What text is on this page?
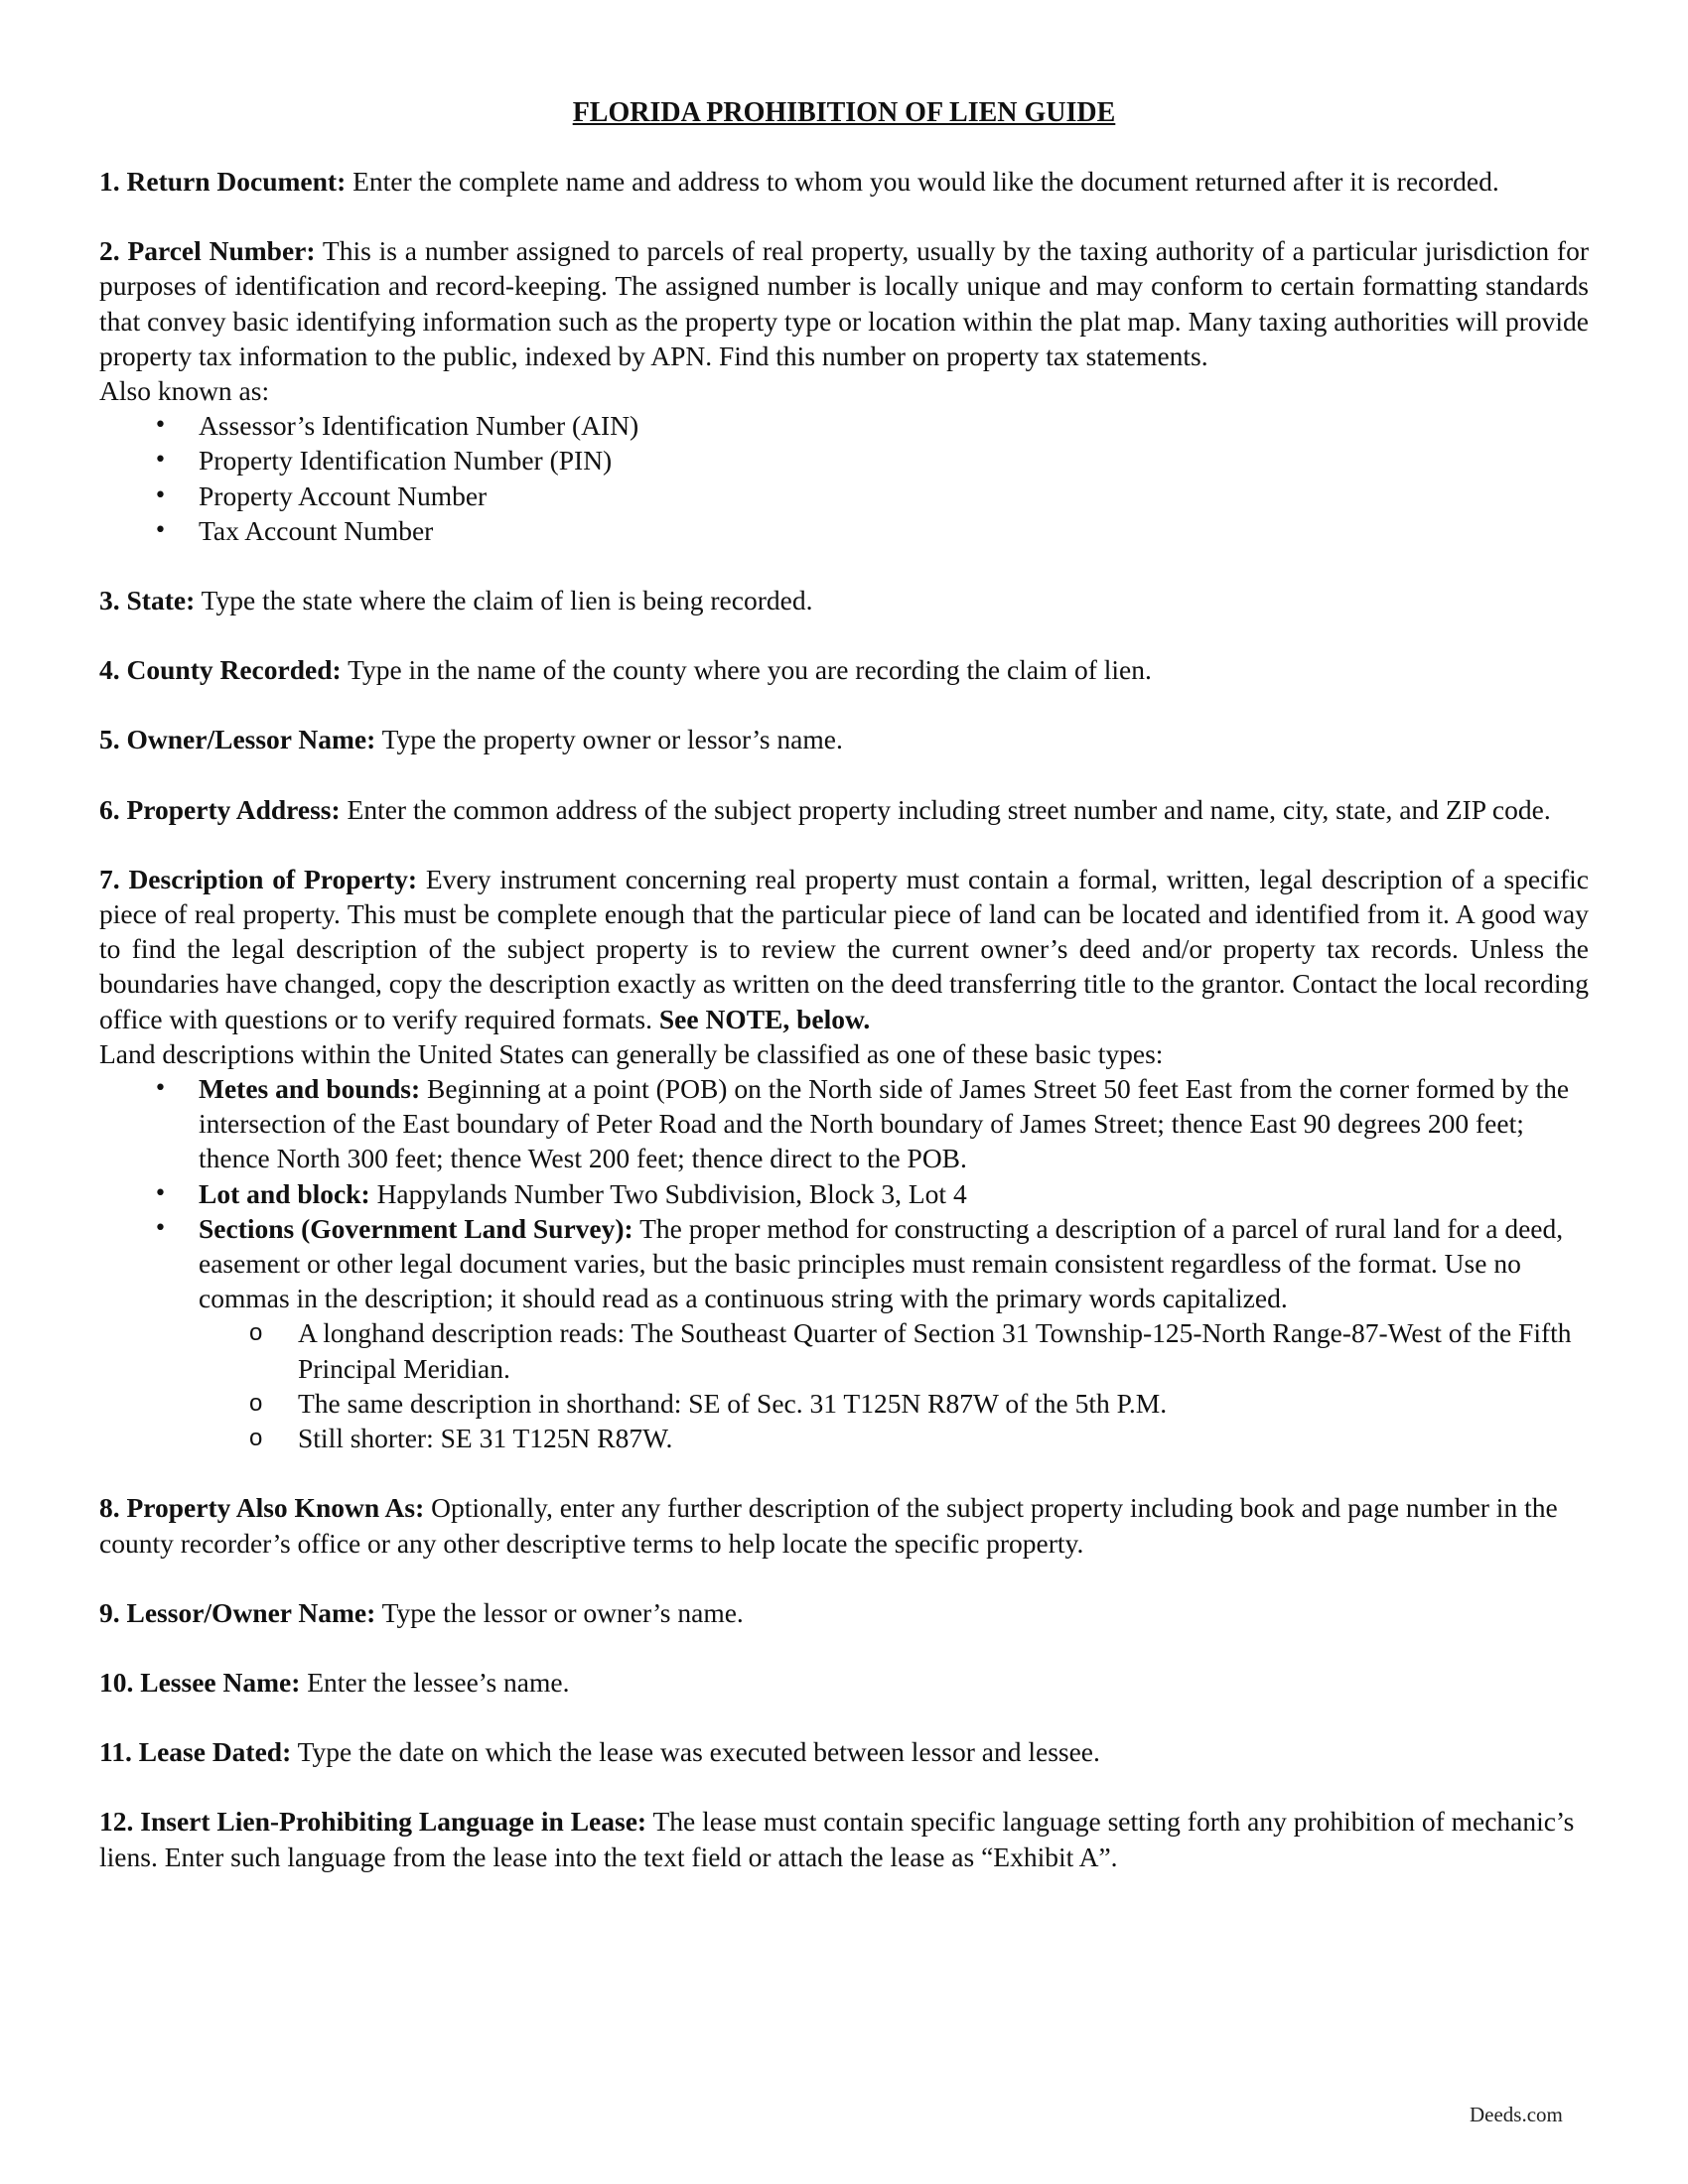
FLORIDA PROHIBITION OF LIEN GUIDE

1. Return Document: Enter the complete name and address to whom you would like the document returned after it is recorded.

2. Parcel Number: This is a number assigned to parcels of real property, usually by the taxing authority of a particular jurisdiction for purposes of identification and record-keeping. The assigned number is locally unique and may conform to certain formatting standards that convey basic identifying information such as the property type or location within the plat map. Many taxing authorities will provide property tax information to the public, indexed by APN. Find this number on property tax statements.

Also known as:

• Assessor’s Identification Number (AIN)
• Property Identification Number (PIN)
• Property Account Number
• Tax Account Number

3. State: Type the state where the claim of lien is being recorded.

4. County Recorded: Type in the name of the county where you are recording the claim of lien.

5. Owner/Lessor Name: Type the property owner or lessor’s name.

6. Property Address: Enter the common address of the subject property including street number and name, city, state, and ZIP code.

7. Description of Property: Every instrument concerning real property must contain a formal, written, legal description of a specific piece of real property. This must be complete enough that the particular piece of land can be located and identified from it. A good way to find the legal description of the subject property is to review the current owner’s deed and/or property tax records. Unless the boundaries have changed, copy the description exactly as written on the deed transferring title to the grantor. Contact the local recording office with questions or to verify required formats. See NOTE, below.

Land descriptions within the United States can generally be classified as one of these basic types:

• Metes and bounds: Beginning at a point (POB) on the North side of James Street 50 feet East from the corner formed by the intersection of the East boundary of Peter Road and the North boundary of James Street; thence East 90 degrees 200 feet; thence North 300 feet; thence West 200 feet; thence direct to the POB.
• Lot and block: Happylands Number Two Subdivision, Block 3, Lot 4
• Sections (Government Land Survey): The proper method for constructing a description of a parcel of rural land for a deed, easement or other legal document varies, but the basic principles must remain consistent regardless of the format. Use no commas in the description; it should read as a continuous string with the primary words capitalized.
o A longhand description reads: The Southeast Quarter of Section 31 Township-125-North Range-87-West of the Fifth Principal Meridian.
o The same description in shorthand: SE of Sec. 31 T125N R87W of the 5th P.M.
o Still shorter: SE 31 T125N R87W.

8. Property Also Known As: Optionally, enter any further description of the subject property including book and page number in the county recorder’s office or any other descriptive terms to help locate the specific property.

9. Lessor/Owner Name: Type the lessor or owner’s name.

10. Lessee Name: Enter the lessee’s name.

11. Lease Dated: Type the date on which the lease was executed between lessor and lessee.

12. Insert Lien-Prohibiting Language in Lease: The lease must contain specific language setting forth any prohibition of mechanic’s liens. Enter such language from the lease into the text field or attach the lease as “Exhibit A”.

Deeds.com
